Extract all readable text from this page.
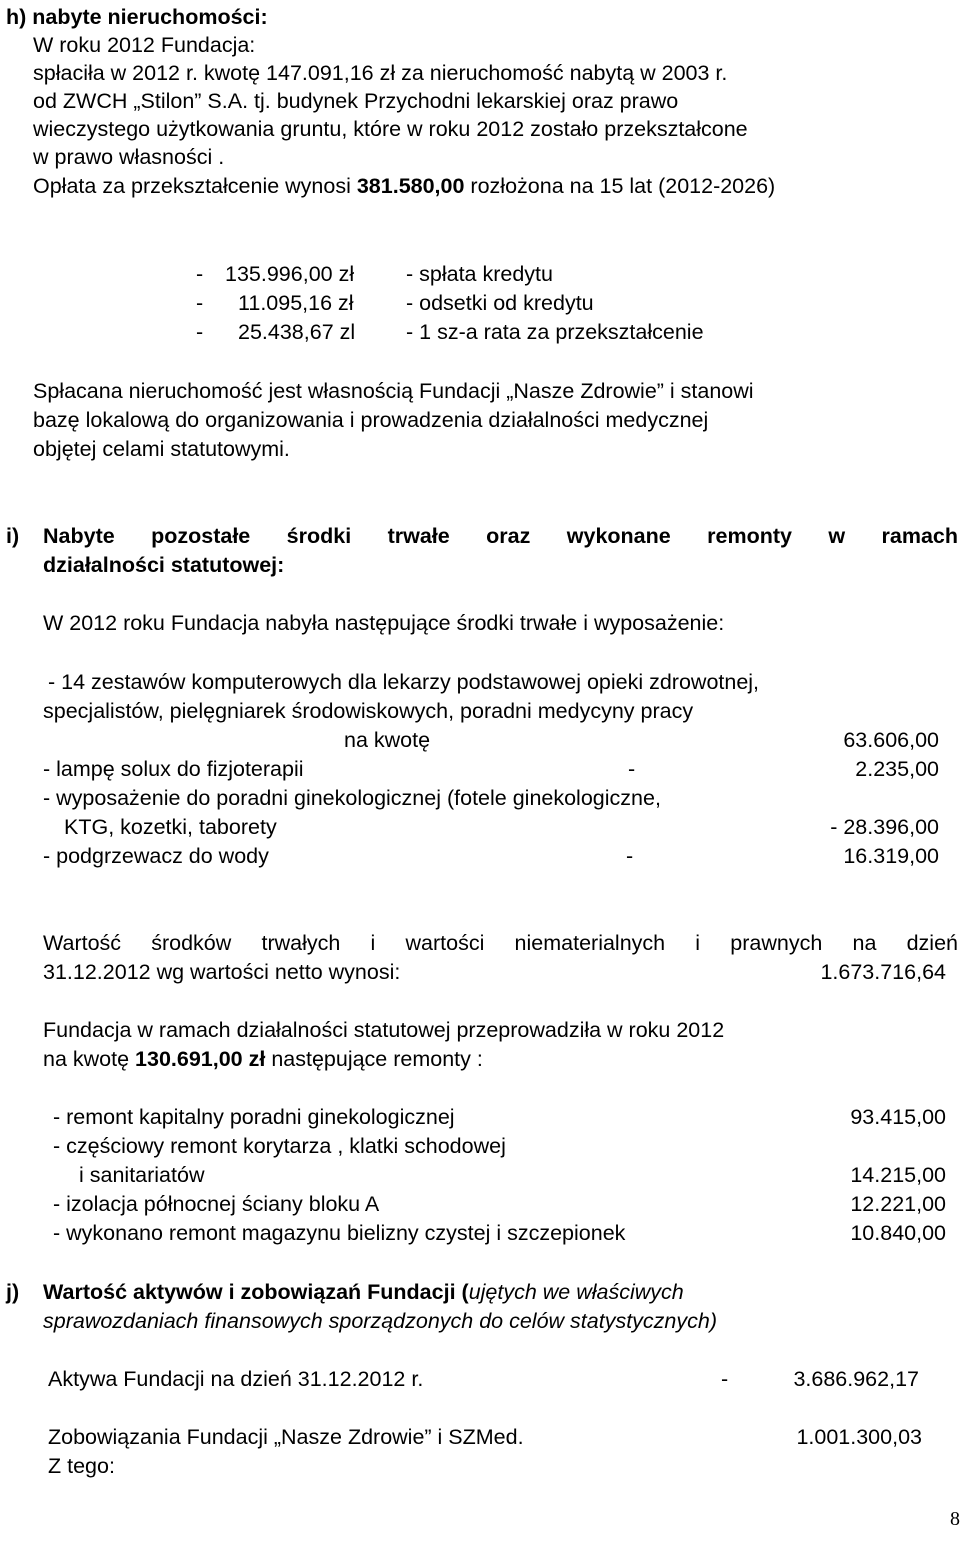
h) nabyte nieruchomości:
W roku 2012 Fundacja:
spłaciła w 2012 r. kwotę 147.091,16 zł za nieruchomość nabytą w 2003 r.
od ZWCH „Stilon” S.A. tj. budynek Przychodni lekarskiej oraz prawo
wieczystego użytkowania gruntu, które w roku 2012 zostało przekształcone
w prawo własności .
Opłata za przekształcenie wynosi 381.580,00 rozłożona na 15 lat (2012-2026)
- 135.996,00 zł - spłata kredytu
- 11.095,16 zł - odsetki od kredytu
- 25.438,67 zl - 1 sz-a rata za przekształcenie
Spłacana nieruchomość jest własnością Fundacji „Nasze Zdrowie” i stanowi
bazę lokalową do organizowania i prowadzenia działalności medycznej
objętej celami statutowymi.
i) Nabyte pozostałe środki trwałe oraz wykonane remonty w ramach
działalności statutowej:
W 2012 roku Fundacja nabyła następujące środki trwałe i wyposażenie:
- 14 zestawów komputerowych dla lekarzy podstawowej opieki zdrowotnej,
specjalistów, pielęgniarek środowiskowych, poradni medycyny pracy
na kwotę	63.606,00
- lampę solux do fizjoterapii	-	2.235,00
- wyposażenie do poradni ginekologicznej (fotele ginekologiczne,
KTG, kozetki, taborety	- 28.396,00
- podgrzewacz do wody	-	16.319,00
Wartość środków trwałych i wartości niematerialnych i prawnych na dzień
31.12.2012 wg wartości netto wynosi:	1.673.716,64
Fundacja w ramach działalności statutowej przeprowadziła w roku 2012
na kwotę 130.691,00 zł następujące remonty :
- remont kapitalny poradni ginekologicznej	93.415,00
- częściowy remont korytarza , klatki schodowej
i sanitariatów	14.215,00
- izolacja północnej ściany bloku A	12.221,00
- wykonano remont magazynu bielizny czystej i szczepionek	10.840,00
j) Wartość aktywów i zobowiązań Fundacji (ujętych we właściwych
sprawozdaniach finansowych sporządzonych do celów statystycznych)
Aktywa Fundacji na dzień 31.12.2012 r.	-	3.686.962,17
Zobowiązania Fundacji „Nasze Zdrowie” i SZMed.	1.001.300,03
Z tego:
8
